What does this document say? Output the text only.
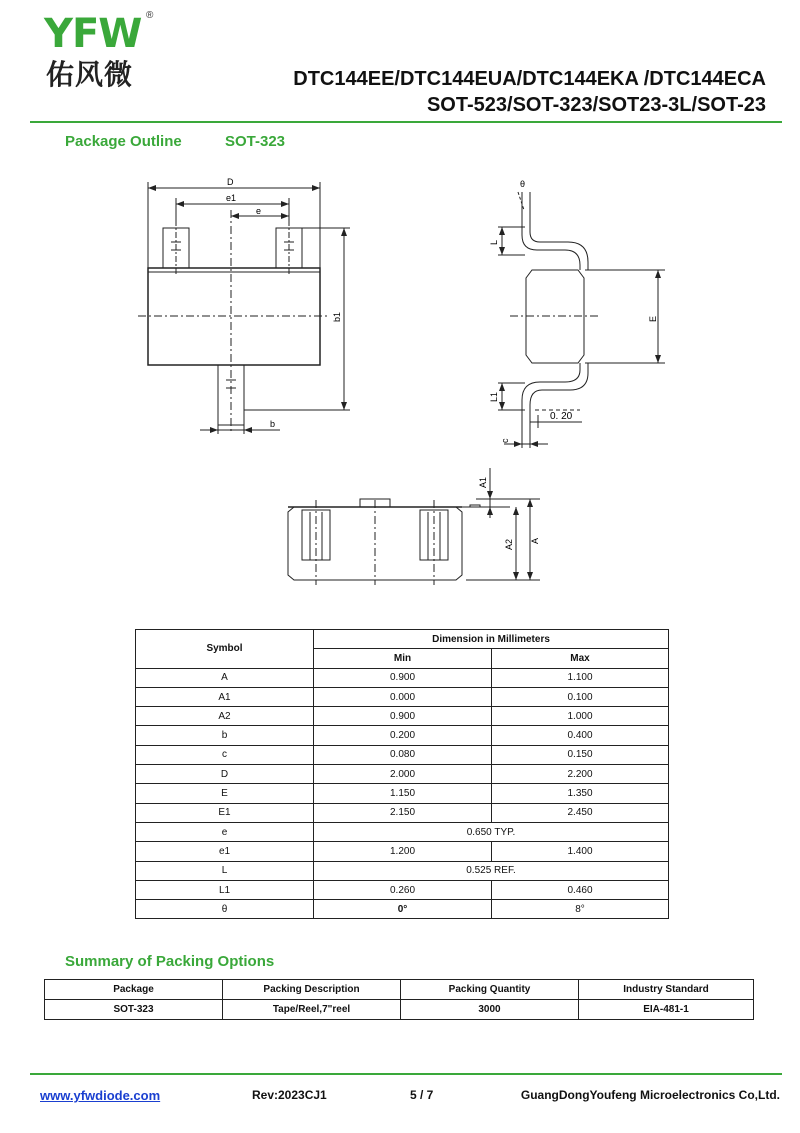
YFW ®
佑风微	DTC144EE/DTC144EUA/DTC144EKA /DTC144ECA
SOT-523/SOT-323/SOT23-3L/SOT-23
Package Outline	SOT-323
D
e1
e
b1
b
θ
L
E
L1
0. 20
c
A1
A2 A
Symbol	Dimension in Millimeters	
	Min	Max
A	0.900	1.100
A1	0.000	0.100
A2	0.900	1.000
b	0.200	0.400
c	0.080	0.150
D	2.000	2.200
E	1.150	1.350
E1	2.150	2.450
e	0.650 TYP.	
e1	1.200	1.400
L	0.525 REF.	
L1	0.260	0.460
θ	0°	8°
Summary of Packing Options
Package	Packing Description	Packing Quantity	Industry Standard
SOT-323	Tape/Reel,7"reel	3000	EIA-481-1
www.yfwdiode.com	Rev:2023CJ1	5 / 7	GuangDongYoufeng Microelectronics Co,Ltd.
